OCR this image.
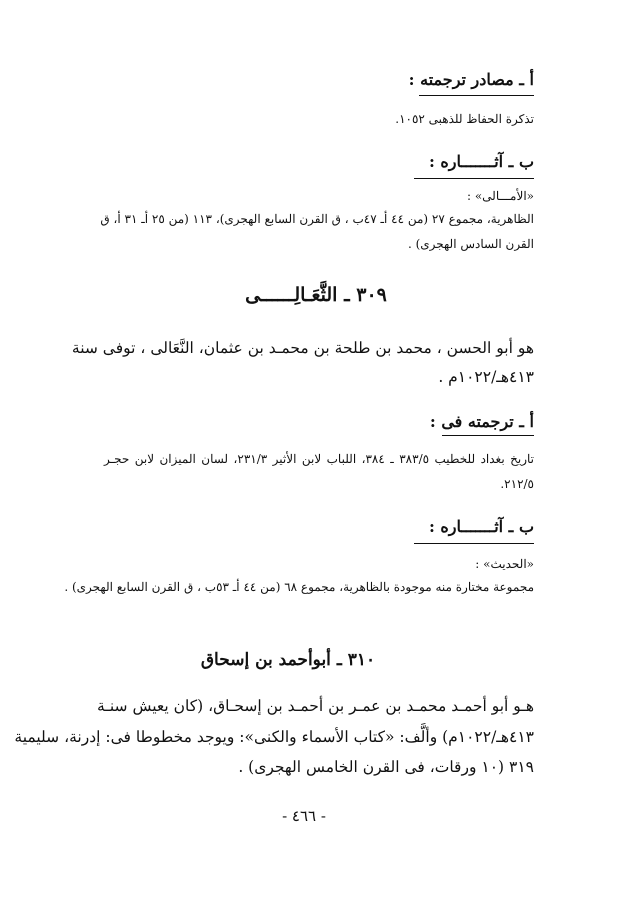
أ ـ مصادر ترجمته :
تذكرة الحفاظ للذهبى ١٠٥٢.
ب ـ آثـــــــاره :
«الأمـــالى» :
الظاهرية، مجموع ٢٧ (من ٤٤ أـ ٤٧ب ، ق القرن السابع الهجرى)، ١١٣ (من ٢٥ أـ ٣١ أ، ق
القرن السادس الهجرى) .
٣٠٩ ـ الثَّعَـالِــــــى
هو أبو الحسن ، محمد بن طلحة بن محمـد بن عثمان، النَّعَالى ، توفى سنة
٤١٣هـ/١٠٢٢م .
أ ـ ترجمته فى :
تاريخ بغداد للخطيب ٣٨٣/٥ ـ ٣٨٤، اللباب لابن الأثير ٢٣١/٣، لسان الميزان لابن حجـر
٢١٢/٥.
ب ـ آثـــــــاره :
«الحديث» :
مجموعة مختارة منه موجودة بالظاهرية، مجموع ٦٨ (من ٤٤ أـ ٥٣ب ، ق القرن السابع الهجرى) .
٣١٠ ـ أبوأحمد بن إسحاق
هـو أبو أحمـد محمـد بن عمـر بن أحمـد بن إسحـاق، (كان يعيش سنـة
٤١٣هـ/١٠٢٢م) وألَّف: «كتاب الأسماء والكنى»: ويوجد مخطوطا فى: إدرنة، سليمية
٣١٩ (١٠ ورقات، فى القرن الخامس الهجرى) .
- ٤٦٦ -
